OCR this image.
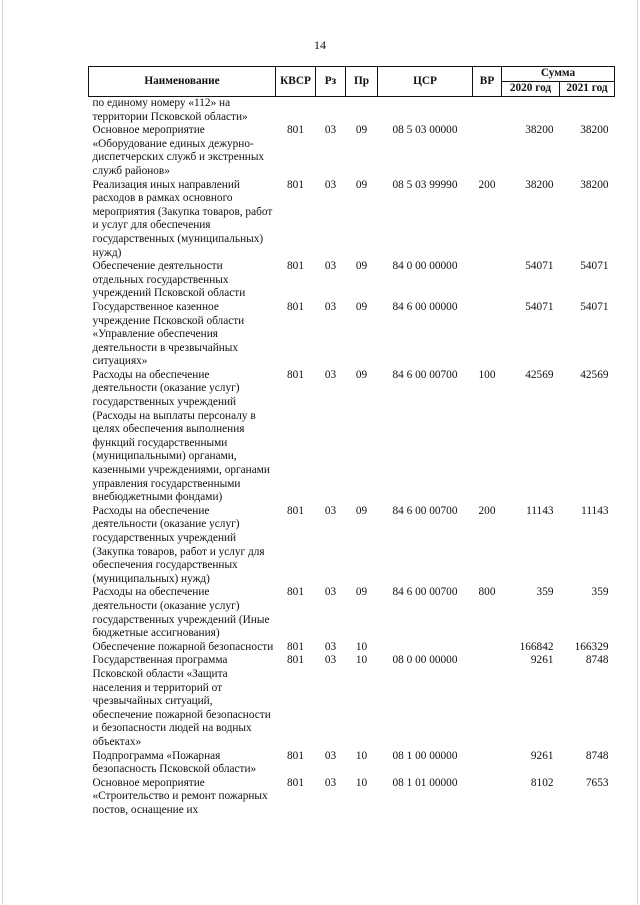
14
Наименование	КВСР	Рз	Пр	ЦСР	ВР	Сумма	
						2020 год	2021 год
по единому номеру «112» на территории Псковской области»							
Основное мероприятие «Оборудование единых дежурно-диспетчерских служб и экстренных служб районов»	801	03	09	08 5 03 00000		38200	38200
Реализация иных направлений расходов в рамках основного мероприятия (Закупка товаров, работ и услуг для обеспечения государственных (муниципальных) нужд)	801	03	09	08 5 03 99990	200	38200	38200
Обеспечение деятельности отдельных государственных учреждений Псковской области	801	03	09	84 0 00 00000		54071	54071
Государственное казенное учреждение Псковской области «Управление обеспечения деятельности в чрезвычайных ситуациях»	801	03	09	84 6 00 00000		54071	54071
Расходы на обеспечение деятельности (оказание услуг) государственных учреждений (Расходы на выплаты персоналу в целях обеспечения выполнения функций государственными (муниципальными) органами, казенными учреждениями, органами управления государственными внебюджетными фондами)	801	03	09	84 6 00 00700	100	42569	42569
Расходы на обеспечение деятельности (оказание услуг) государственных учреждений (Закупка товаров, работ и услуг для обеспечения государственных (муниципальных) нужд)	801	03	09	84 6 00 00700	200	11143	11143
Расходы на обеспечение деятельности (оказание услуг) государственных учреждений (Иные бюджетные ассигнования)	801	03	09	84 6 00 00700	800	359	359
Обеспечение пожарной безопасности	801	03	10			166842	166329
Государственная программа Псковской области «Защита населения и территорий от чрезвычайных ситуаций, обеспечение пожарной безопасности и безопасности людей на водных объектах»	801	03	10	08 0 00 00000		9261	8748
Подпрограмма «Пожарная безопасность Псковской области»	801	03	10	08 1 00 00000		9261	8748
Основное мероприятие «Строительство и ремонт пожарных постов, оснащение их	801	03	10	08 1 01 00000		8102	7653
